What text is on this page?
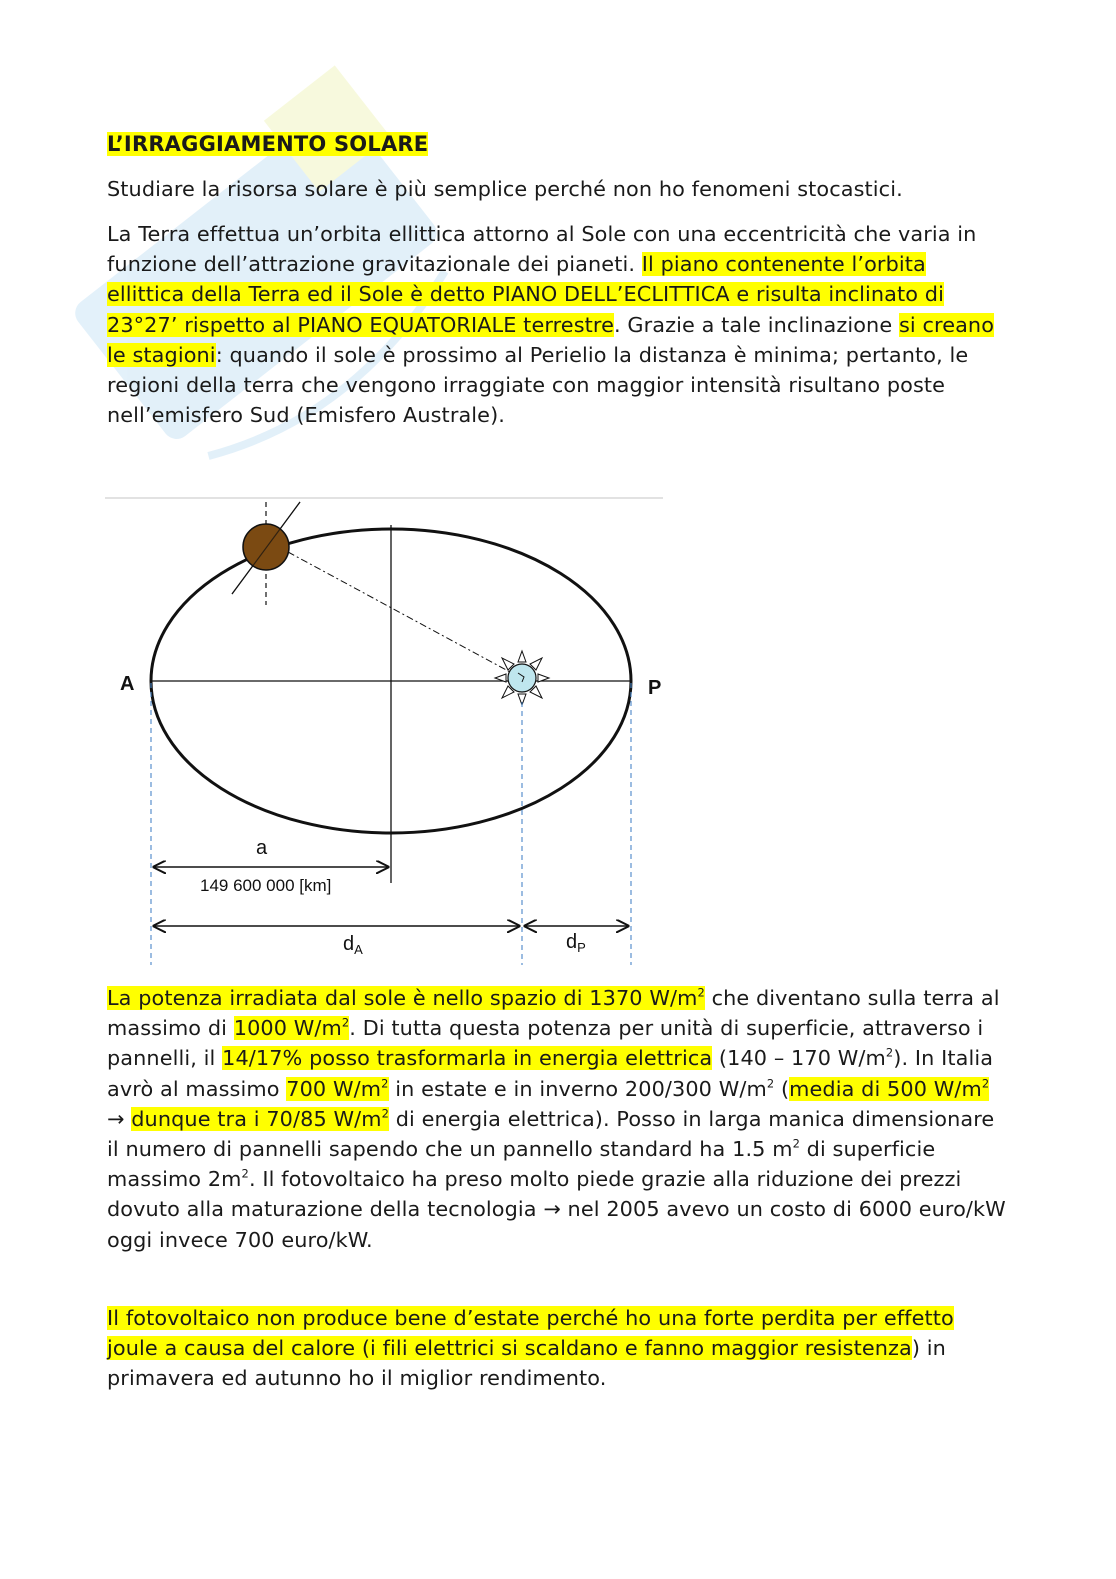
L’IRRAGGIAMENTO SOLARE
Studiare la risorsa solare è più semplice perché non ho fenomeni stocastici.
La Terra effettua un’orbita ellittica attorno al Sole con una eccentricità che varia in funzione dell’attrazione gravitazionale dei pianeti. Il piano contenente l’orbita ellittica della Terra ed il Sole è detto PIANO DELL’ECLITTICA e risulta inclinato di 23°27’ rispetto al PIANO EQUATORIALE terrestre. Grazie a tale inclinazione si creano le stagioni: quando il sole è prossimo al Perielio la distanza è minima; pertanto, le regioni della terra che vengono irraggiate con maggior intensità risultano poste nell’emisfero Sud (Emisfero Australe).
A	P
a
149 600 000 [km]
$d_A$	$d_P$
La potenza irradiata dal sole è nello spazio di 1370 $W/m^2$ che diventano sulla terra al massimo di 1000 $W/m^2$. Di tutta questa potenza per unità di superficie, attraverso i pannelli, il 14/17% posso trasformarla in energia elettrica (140 – 170 $W/m^2$). In Italia avrò al massimo 700 $W/m^2$ in estate e in inverno 200/300 $W/m^2$ (media di 500 $W/m^2$ → dunque tra i 70/85 $W/m^2$ di energia elettrica). Posso in larga manica dimensionare il numero di pannelli sapendo che un pannello standard ha 1.5 $m^2$ di superficie massimo $2m^2$. Il fotovoltaico ha preso molto piede grazie alla riduzione dei prezzi dovuto alla maturazione della tecnologia → nel 2005 avevo un costo di 6000 euro/kW oggi invece 700 euro/kW.
Il fotovoltaico non produce bene d’estate perché ho una forte perdita per effetto joule a causa del calore (i fili elettrici si scaldano e fanno maggior resistenza) in primavera ed autunno ho il miglior rendimento.
